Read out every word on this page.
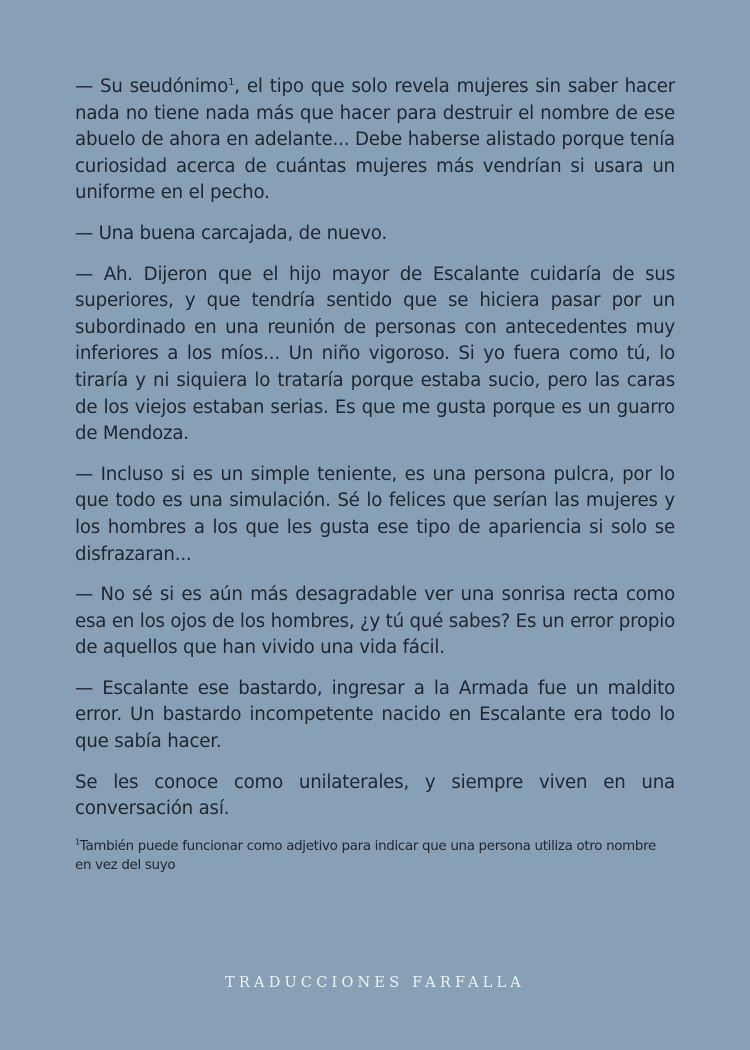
— Su seudónimo$^1$, el tipo que solo revela mujeres sin saber hacer nada no tiene nada más que hacer para destruir el nombre de ese abuelo de ahora en adelante... Debe haberse alistado porque tenía curiosidad acerca de cuántas mujeres más vendrían si usara un uniforme en el pecho.

— Una buena carcajada, de nuevo.

— Ah. Dijeron que el hijo mayor de Escalante cuidaría de sus superiores, y que tendría sentido que se hiciera pasar por un subordinado en una reunión de personas con antecedentes muy inferiores a los míos... Un niño vigoroso. Si yo fuera como tú, lo tiraría y ni siquiera lo trataría porque estaba sucio, pero las caras de los viejos estaban serias. Es que me gusta porque es un guarro de Mendoza.

— Incluso si es un simple teniente, es una persona pulcra, por lo que todo es una simulación. Sé lo felices que serían las mujeres y los hombres a los que les gusta ese tipo de apariencia si solo se disfrazaran...

— No sé si es aún más desagradable ver una sonrisa recta como esa en los ojos de los hombres, ¿y tú qué sabes? Es un error propio de aquellos que han vivido una vida fácil.

— Escalante ese bastardo, ingresar a la Armada fue un maldito error. Un bastardo incompetente nacido en Escalante era todo lo que sabía hacer.

Se les conoce como unilaterales, y siempre viven en una conversación así.

$^1$También puede funcionar como adjetivo para indicar que una persona utiliza otro nombre en vez del suyo
TRADUCCIONES FARFALLA
